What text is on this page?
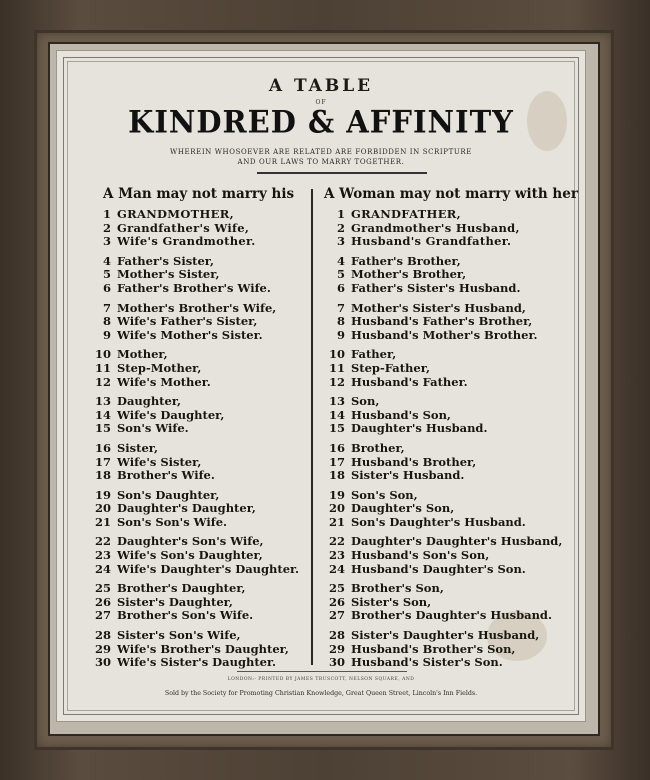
A TABLE
OF
KINDRED & AFFINITY
WHEREIN WHOSOEVER ARE RELATED ARE FORBIDDEN IN SCRIPTURE
AND OUR LAWS TO MARRY TOGETHER.
A Man may not marry his A Woman may not marry with her
1 GRANDMOTHER,
2 Grandfather's Wife,
3 Wife's Grandmother.
4 Father's Sister,
5 Mother's Sister,
6 Father's Brother's Wife.
7 Mother's Brother's Wife,
8 Wife's Father's Sister,
9 Wife's Mother's Sister.
10 Mother,
11 Step-Mother,
12 Wife's Mother.
13 Daughter,
14 Wife's Daughter,
15 Son's Wife.
16 Sister,
17 Wife's Sister,
18 Brother's Wife.
19 Son's Daughter,
20 Daughter's Daughter,
21 Son's Son's Wife.
22 Daughter's Son's Wife,
23 Wife's Son's Daughter,
24 Wife's Daughter's Daughter.
25 Brother's Daughter,
26 Sister's Daughter,
27 Brother's Son's Wife.
28 Sister's Son's Wife,
29 Wife's Brother's Daughter,
30 Wife's Sister's Daughter.
1 GRANDFATHER,
2 Grandmother's Husband,
3 Husband's Grandfather.
4 Father's Brother,
5 Mother's Brother,
6 Father's Sister's Husband.
7 Mother's Sister's Husband,
8 Husband's Father's Brother,
9 Husband's Mother's Brother.
10 Father,
11 Step-Father,
12 Husband's Father.
13 Son,
14 Husband's Son,
15 Daughter's Husband.
16 Brother,
17 Husband's Brother,
18 Sister's Husband.
19 Son's Son,
20 Daughter's Son,
21 Son's Daughter's Husband.
22 Daughter's Daughter's Husband,
23 Husband's Son's Son,
24 Husband's Daughter's Son.
25 Brother's Son,
26 Sister's Son,
27 Brother's Daughter's Husband.
28 Sister's Daughter's Husband,
29 Husband's Brother's Son,
30 Husband's Sister's Son.
LONDON:- PRINTED BY JAMES TRUSCOTT, NELSON SQUARE, AND
Sold by the Society for Promoting Christian Knowledge, Great Queen Street, Lincoln's Inn Fields.
